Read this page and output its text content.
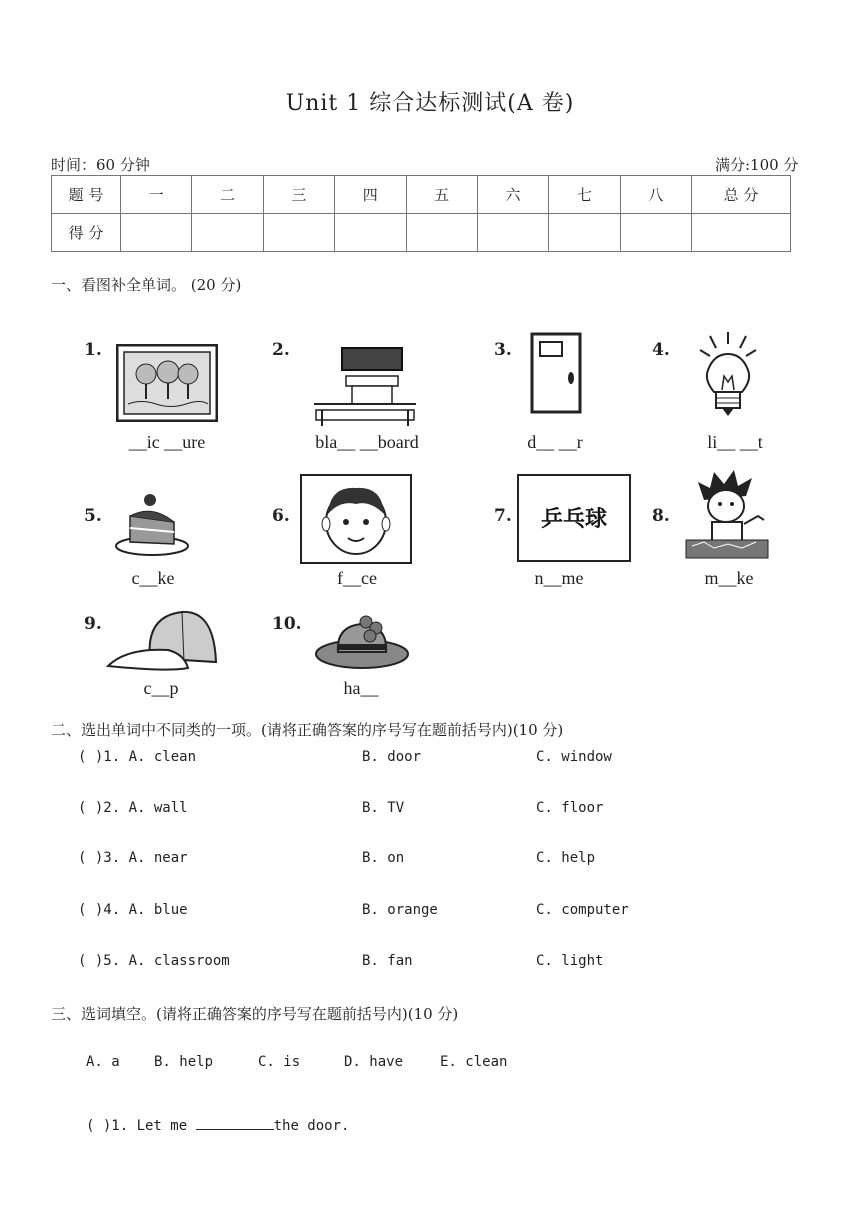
Unit 1 综合达标测试(A 卷)
时间：60 分钟	满分:100 分
题 号	一	二	三	四	五	六	七	八	总 分
得 分									
一、看图补全单词。 (20 分)
1.
__ic __ure
2.
bla__ __board
3.
d__ __r
4.
li__ __t
5.
c__ke
6.
f__ce
7. 乒乓球
n__me
8.
m__ke
9.
c__p
10.
ha__
二、选出单词中不同类的一项。(请将正确答案的序号写在题前括号内)(10 分)
( )1. A. clean	B. door	C. window
( )2. A. wall	B. TV	C. floor
( )3. A. near	B. on	C. help
( )4. A. blue	B. orange	C. computer
( )5. A. classroom	B. fan	C. light
三、选词填空。(请将正确答案的序号写在题前括号内)(10 分)
A. a B. help	C. is	D. have	E. clean
( )1. Let me	the door.
